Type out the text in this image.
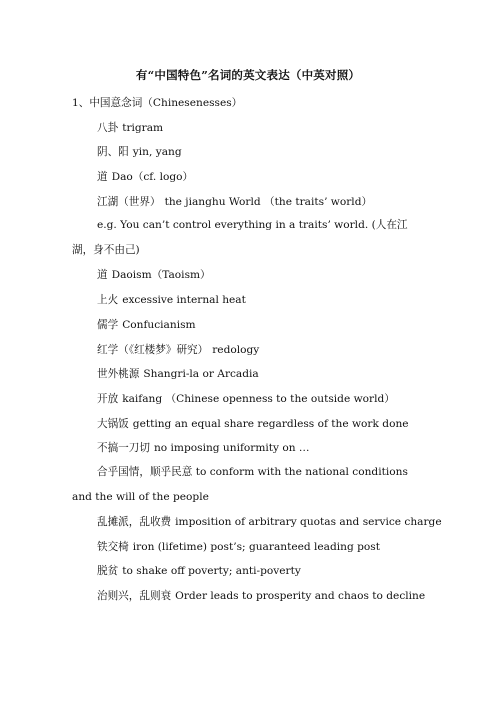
有“中国特色”名词的英文表达（中英对照）
1、中国意念词（Chinesenesses）
八卦 trigram
阴、阳 yin, yang
道 Dao（cf. logo）
江湖（世界） the jianghu World （the traits’ world）
e.g. You can’t control everything in a traits’ world. (人在江湖，身不由己)
道 Daoism（Taoism）
上火 excessive internal heat
儒学 Confucianism
红学（《红楼梦》研究） redology
世外桃源 Shangri-la or Arcadia
开放 kaifang （Chinese openness to the outside world）
大锅饭 getting an equal share regardless of the work done
不搞一刀切 no imposing uniformity on …
合乎国情，顺乎民意 to conform with the national conditions and the will of the people
乱摊派，乱收费 imposition of arbitrary quotas and service charge
铁交椅 iron (lifetime) post’s; guaranteed leading post
脱贫 to shake off poverty; anti-poverty
治则兴，乱则衰 Order leads to prosperity and chaos to decline
